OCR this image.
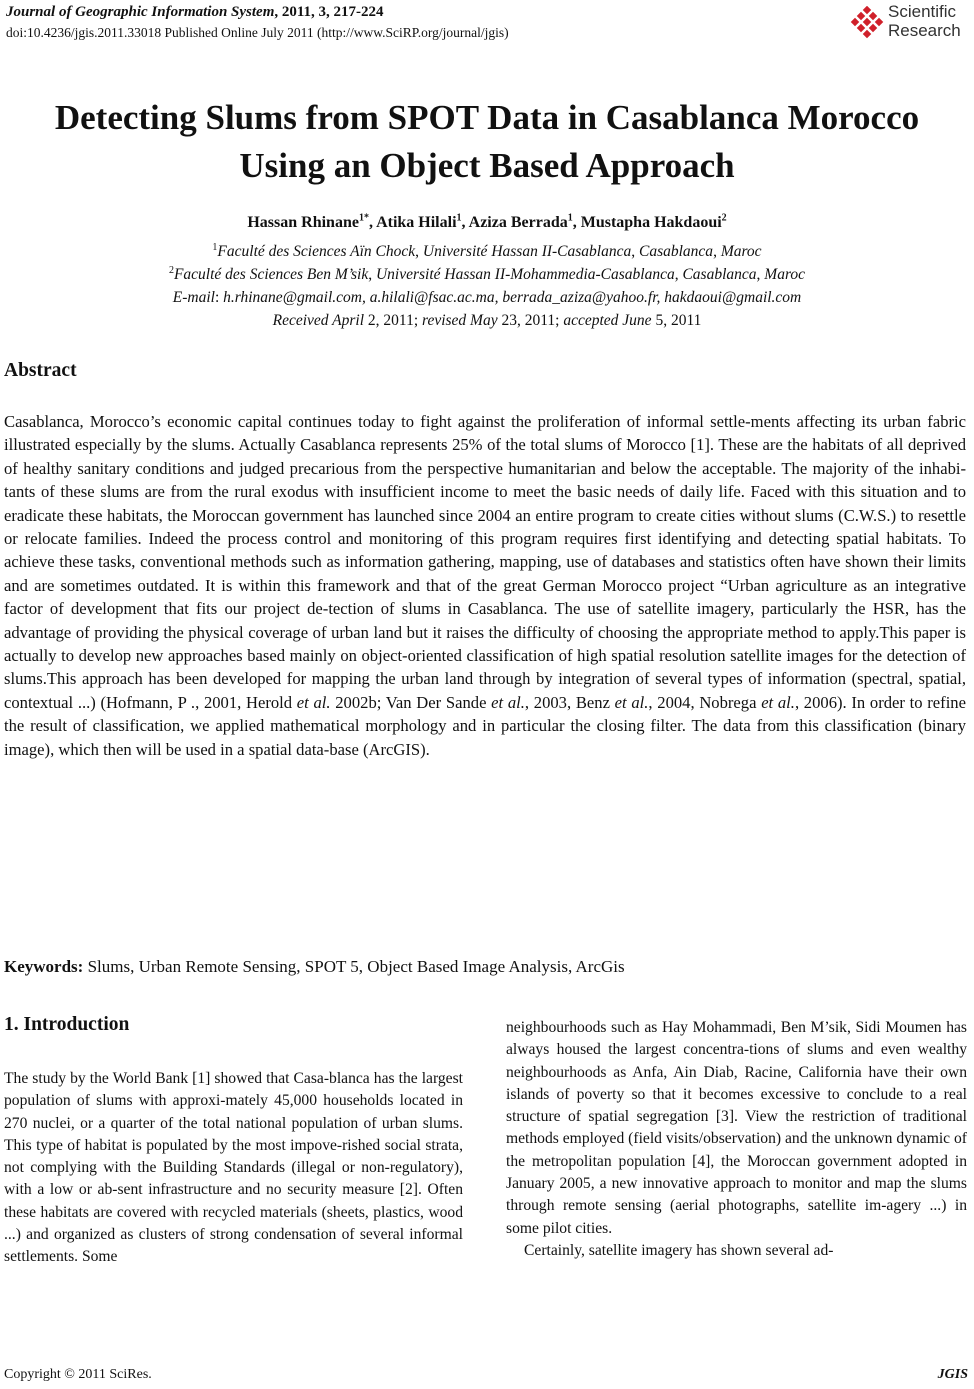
Journal of Geographic Information System, 2011, 3, 217-224
doi:10.4236/jgis.2011.33018 Published Online July 2011 (http://www.SciRP.org/journal/jgis)
Scientific
Research
Detecting Slums from SPOT Data in Casablanca Morocco
Using an Object Based Approach
Hassan Rhinane$^{1*}$, Atika Hilali$^1$, Aziza Berrada$^1$, Mustapha Hakdaoui$^2$
$^1$Faculté des Sciences Aïn Chock, Université Hassan II-Casablanca, Casablanca, Maroc
$^2$Faculté des Sciences Ben M’sik, Université Hassan II-Mohammedia-Casablanca, Casablanca, Maroc
E-mail: h.rhinane@gmail.com, a.hilali@fsac.ac.ma, berrada_aziza@yahoo.fr, hakdaoui@gmail.com
Received April 2, 2011; revised May 23, 2011; accepted June 5, 2011
Abstract
Casablanca, Morocco’s economic capital continues today to fight against the proliferation of informal settle-ments affecting its urban fabric illustrated especially by the slums. Actually Casablanca represents 25% of the total slums of Morocco [1]. These are the habitats of all deprived of healthy sanitary conditions and judged precarious from the perspective humanitarian and below the acceptable. The majority of the inhabi-tants of these slums are from the rural exodus with insufficient income to meet the basic needs of daily life. Faced with this situation and to eradicate these habitats, the Moroccan government has launched since 2004 an entire program to create cities without slums (C.W.S.) to resettle or relocate families. Indeed the process control and monitoring of this program requires first identifying and detecting spatial habitats. To achieve these tasks, conventional methods such as information gathering, mapping, use of databases and statistics often have shown their limits and are sometimes outdated. It is within this framework and that of the great German Morocco project “Urban agriculture as an integrative factor of development that fits our project de-tection of slums in Casablanca. The use of satellite imagery, particularly the HSR, has the advantage of providing the physical coverage of urban land but it raises the difficulty of choosing the appropriate method to apply.This paper is actually to develop new approaches based mainly on object-oriented classification of high spatial resolution satellite images for the detection of slums.This approach has been developed for mapping the urban land through by integration of several types of information (spectral, spatial, contextual ...) (Hofmann, P ., 2001, Herold et al. 2002b; Van Der Sande et al., 2003, Benz et al., 2004, Nobrega et al., 2006). In order to refine the result of classification, we applied mathematical morphology and in particular the closing filter. The data from this classification (binary image), which then will be used in a spatial data-base (ArcGIS).
Keywords: Slums, Urban Remote Sensing, SPOT 5, Object Based Image Analysis, ArcGis
1. Introduction

The study by the World Bank [1] showed that Casa-blanca has the largest population of slums with approxi-mately 45,000 households located in 270 nuclei, or a quarter of the total national population of urban slums. This type of habitat is populated by the most impove-rished social strata, not complying with the Building Standards (illegal or non-regulatory), with a low or ab-sent infrastructure and no security measure [2]. Often these habitats are covered with recycled materials (sheets, plastics, wood ...) and organized as clusters of strong condensation of several informal settlements. Some

neighbourhoods such as Hay Mohammadi, Ben M’sik, Sidi Moumen has always housed the largest concentra-tions of slums and even wealthy neighbourhoods as Anfa, Ain Diab, Racine, California have their own islands of poverty so that it becomes excessive to conclude to a real structure of spatial segregation [3]. View the restriction of traditional methods employed (field visits/observation) and the unknown dynamic of the metropolitan population [4], the Moroccan government adopted in January 2005, a new innovative approach to monitor and map the slums through remote sensing (aerial photographs, satellite im-agery ...) in some pilot cities.

Certainly, satellite imagery has shown several ad-

Copyright © 2011 SciRes.	JGIS
